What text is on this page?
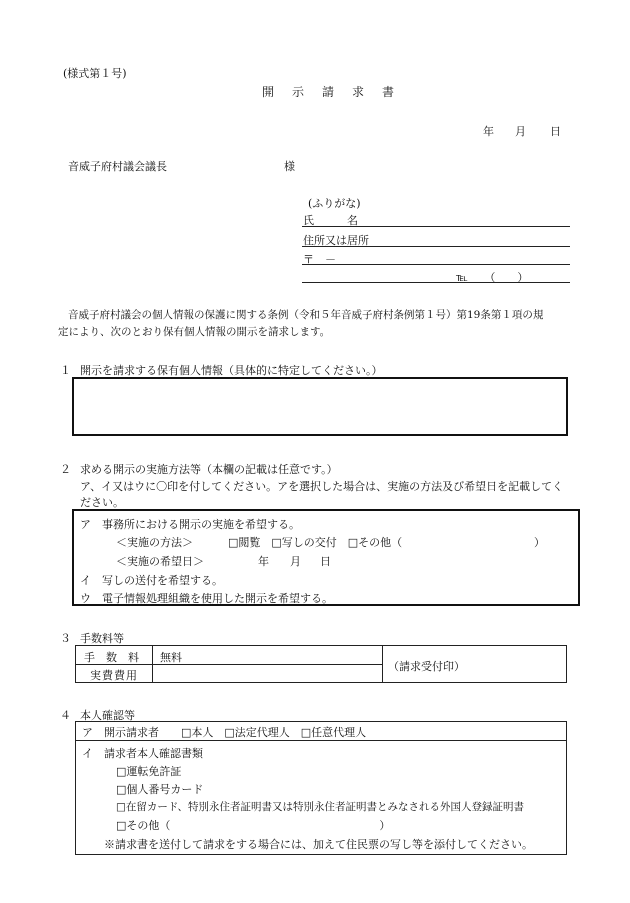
(様式第１号)
開　示　請　求　書
年 月 日
音威子府村議会議長	様
(ふりがな)
氏　　　名
住所又は居所
〒　－
℡　　（　　）
音威子府村議会の個人情報の保護に関する条例（令和５年音威子府村条例第１号）第19条第１項の規
定により、次のとおり保有個人情報の開示を請求します。
１ 開示を請求する保有個人情報（具体的に特定してください。）
２ 求める開示の実施方法等（本欄の記載は任意です。）
ア、イ又はウに〇印を付してください。アを選択した場合は、実施の方法及び希望日を記載してく
ださい。
ア　事務所における開示の実施を希望する。
＜実施の方法＞	□閲覧　□写しの交付　□その他（	）
＜実施の希望日＞	年 月 日
イ　写しの送付を希望する。
ウ　電子情報処理組織を使用した開示を希望する。
３ 手数料等
手　数　料 無料
実費費用
（請求受付印）
４ 本人確認等
ア　開示請求者　　□本人　□法定代理人　□任意代理人
イ　請求者本人確認書類
□運転免許証
□個人番号カード
□在留カード、特別永住者証明書又は特別永住者証明書とみなされる外国人登録証明書
□その他（　　　　　　　　　　　　　　　　　　　）
※請求書を送付して請求をする場合には、加えて住民票の写し等を添付してください。
